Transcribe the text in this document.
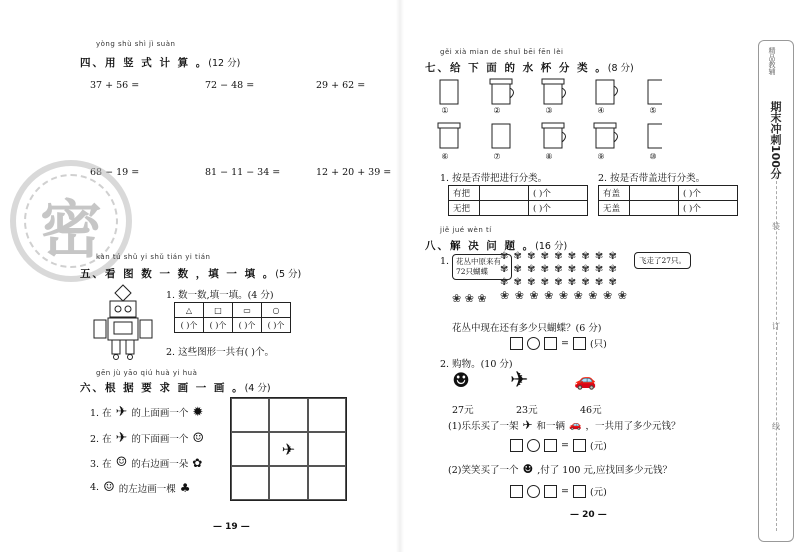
yòng shù shì jì suàn
四、用 竖 式 计 算 。(12 分)
37 + 56 =	72 − 48 =	29 + 62 =
68 − 19 =	81 − 11 − 34 =	12 + 20 + 39 =
密
kàn tú shǔ yi shǔ tián yi tián
五、看 图 数 一 数 ，填 一 填 。(5 分)
1. 数一数,填一填。(4 分)
△	□	▭	○
( )个	( )个	( )个	( )个
2. 这些图形一共有( )个。
gēn jù yāo qiú huà yi huà
六、根 据 要 求 画 一 画 。(4 分)
1. 在 ✈ 的上面画一个 ✹
2. 在 ✈ 的下面画一个 ☺
3. 在 ☺ 的右边画一朵 ✿
4. ☺ 的左边画一棵 ♣
✈
— 19 —
gěi xià mian de shuǐ bēi fēn lèi
七、给 下 面 的 水 杯 分 类 。(8 分)
①	②	③	④	⑤
⑥	⑦	⑧	⑨	⑩
1. 按是否带把进行分类。	2. 按是否带盖进行分类。
有把		( )个
无把		( )个
有盖		( )个
无盖		( )个
jiě jué wèn tí
八、解 决 问 题 。(16 分)
1. 花丛中原来有72只蝴蝶
飞走了27只。
✾ ✾ ✾ ✾ ✾ ✾ ✾ ✾ ✾
✾ ✾ ✾ ✾ ✾ ✾ ✾ ✾ ✾
✾ ✾ ✾ ✾ ✾ ✾ ✾ ✾ ✾
❀ ❀ ❀ ❀ ❀ ❀ ❀ ❀ ❀
❀ ❀ ❀
花丛中现在还有多少只蝴蝶？(6 分)
= (只)
2. 购物。(10 分)
☻ ✈	🚗
27元	23元	46元
(1)乐乐买了一架 ✈ 和一辆 🚗 ，一共用了多少元钱？
= (元)
(2)笑笑买了一个 ☻ ,付了 100 元,应找回多少元钱？
= (元)
— 20 —
精品教辅
期末冲刺100分
装
订
线
